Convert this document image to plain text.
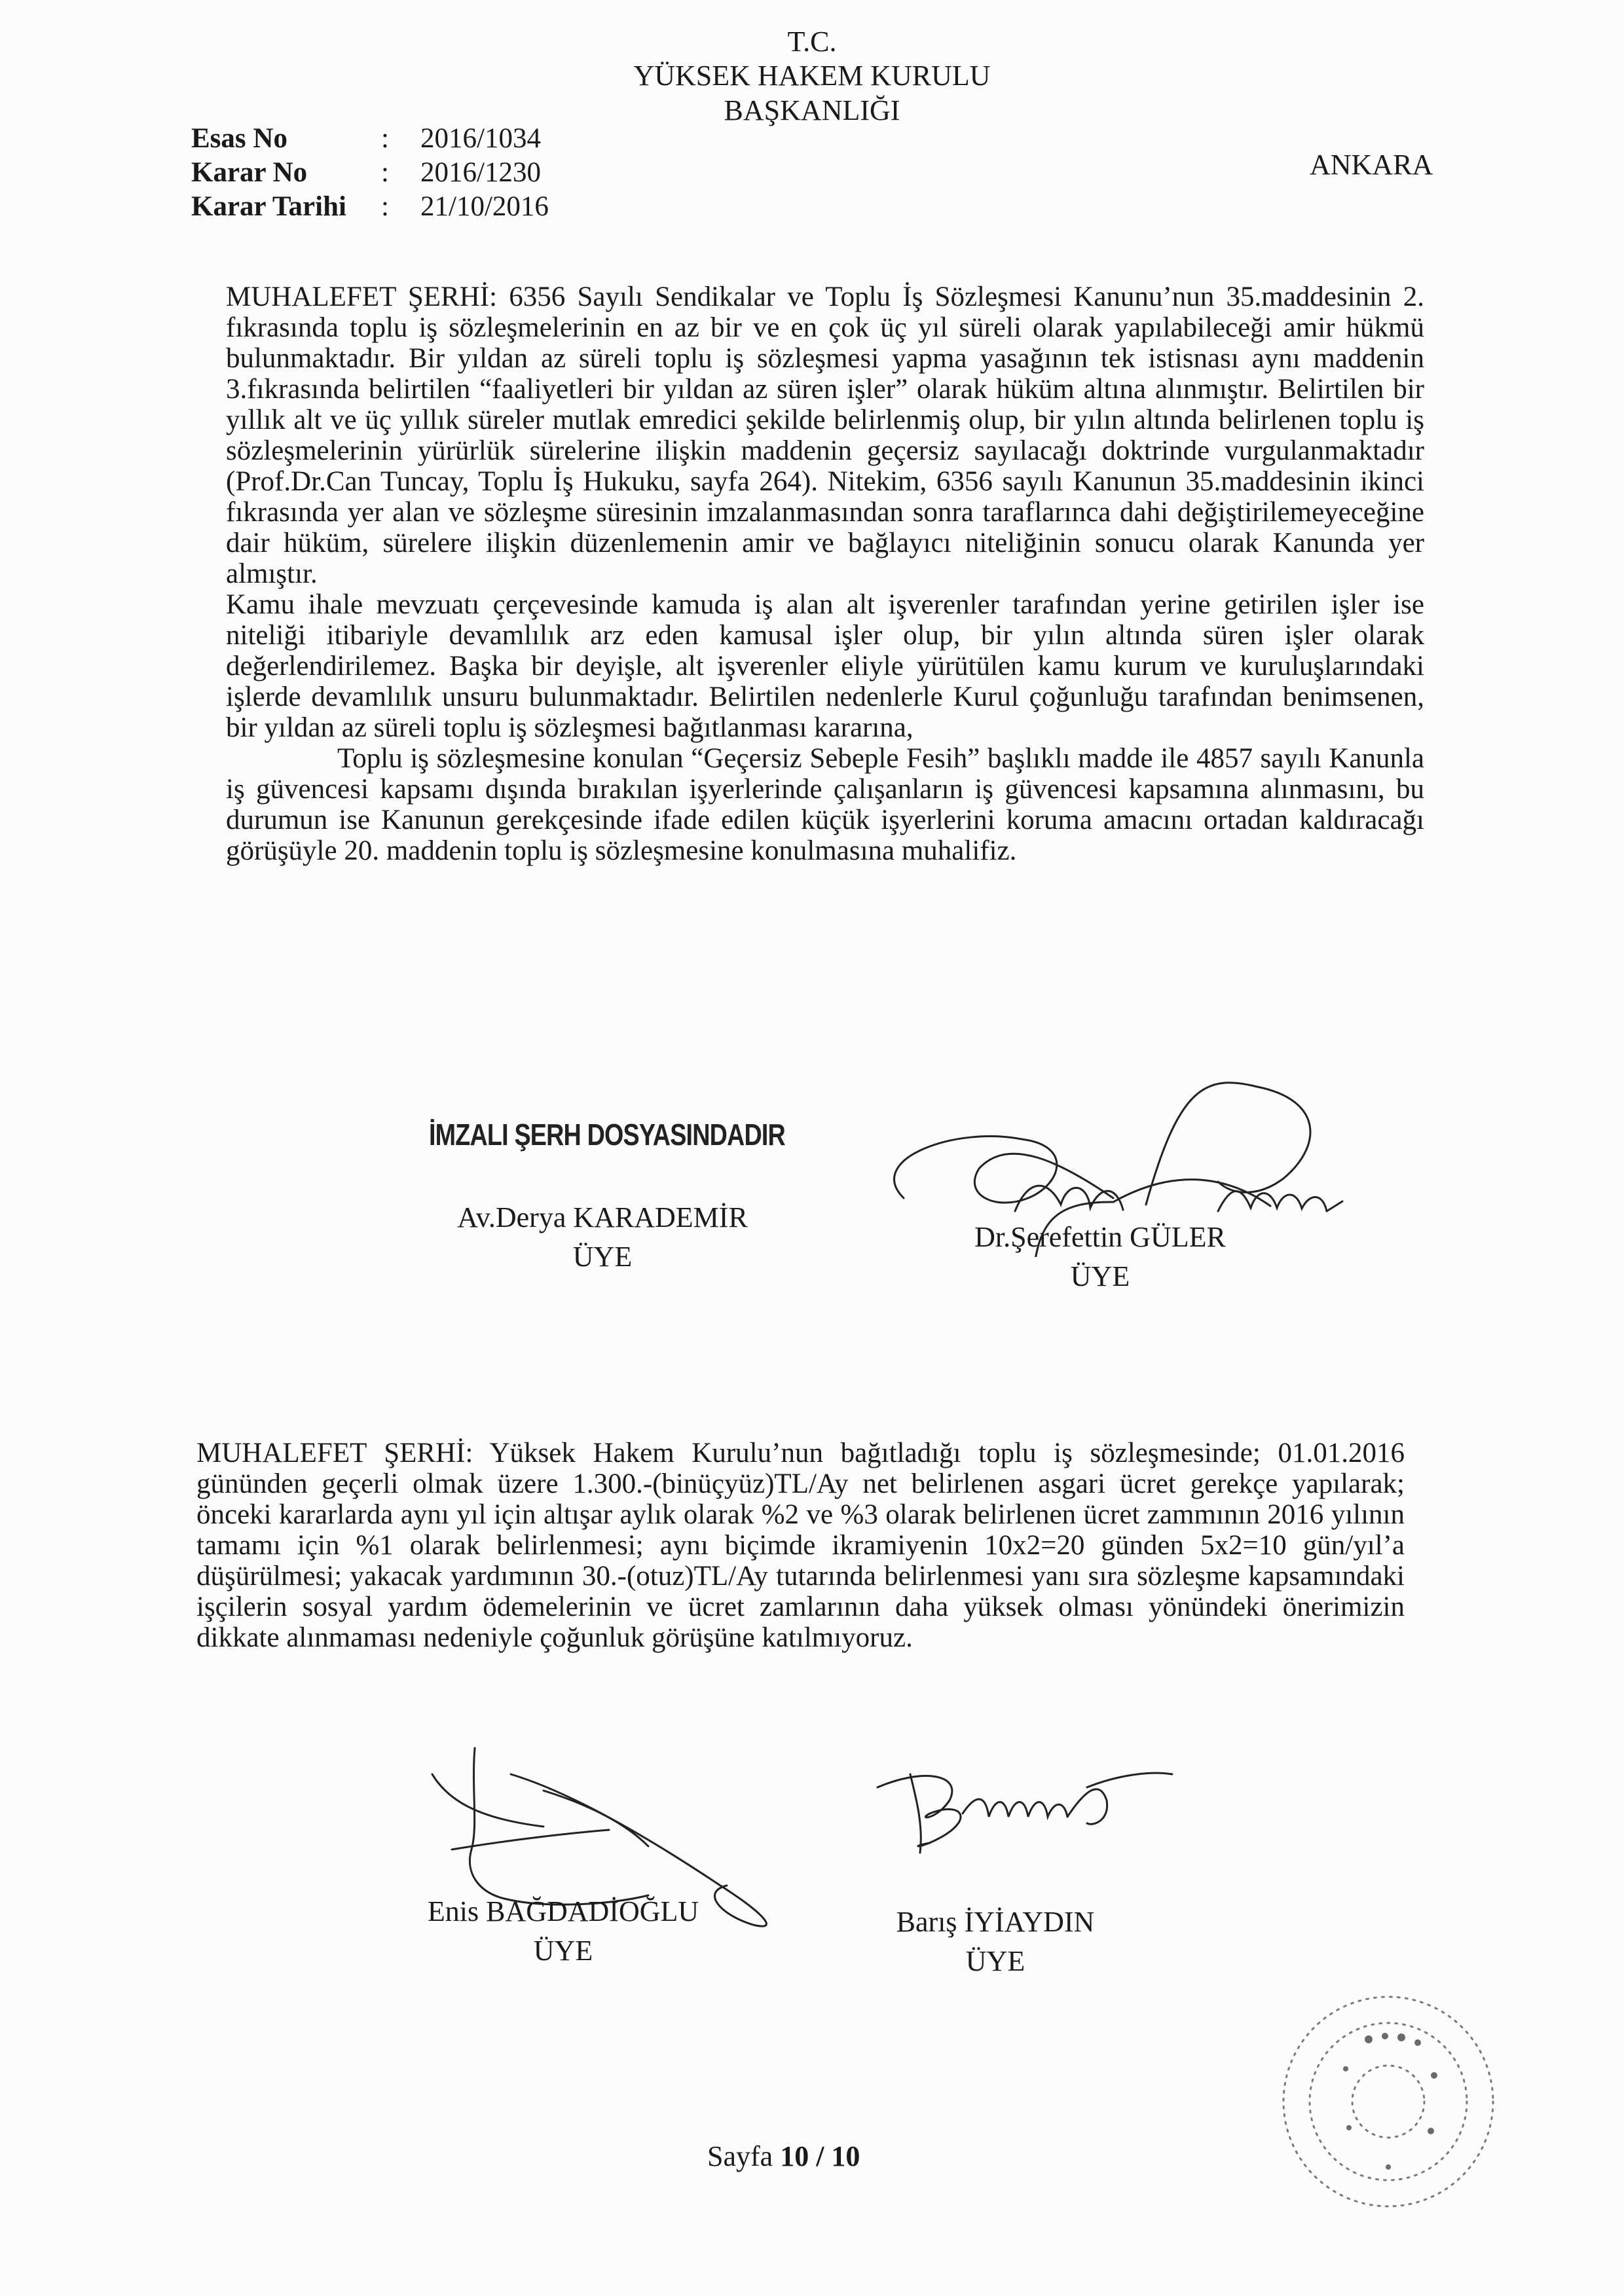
T.C.
YÜKSEK HAKEM KURULU
BAŞKANLIĞI
ANKARA
Esas No	:	2016/1034
Karar No	:	2016/1230
Karar Tarihi	:	21/10/2016

MUHALEFET ŞERHİ: 6356 Sayılı Sendikalar ve Toplu İş Sözleşmesi Kanunu’nun 35.maddesinin 2. fıkrasında toplu iş sözleşmelerinin en az bir ve en çok üç yıl süreli olarak yapılabileceği amir hükmü bulunmaktadır. Bir yıldan az süreli toplu iş sözleşmesi yapma yasağının tek istisnası aynı maddenin 3.fıkrasında belirtilen “faaliyetleri bir yıldan az süren işler” olarak hüküm altına alınmıştır. Belirtilen bir yıllık alt ve üç yıllık süreler mutlak emredici şekilde belirlenmiş olup, bir yılın altında belirlenen toplu iş sözleşmelerinin yürürlük sürelerine ilişkin maddenin geçersiz sayılacağı doktrinde vurgulanmaktadır (Prof.Dr.Can Tuncay, Toplu İş Hukuku, sayfa 264). Nitekim, 6356 sayılı Kanunun 35.maddesinin ikinci fıkrasında yer alan ve sözleşme süresinin imzalanmasından sonra taraflarınca dahi değiştirilemeyeceğine dair hüküm, sürelere ilişkin düzenlemenin amir ve bağlayıcı niteliğinin sonucu olarak Kanunda yer almıştır.

Kamu ihale mevzuatı çerçevesinde kamuda iş alan alt işverenler tarafından yerine getirilen işler ise niteliği itibariyle devamlılık arz eden kamusal işler olup, bir yılın altında süren işler olarak değerlendirilemez. Başka bir deyişle, alt işverenler eliyle yürütülen kamu kurum ve kuruluşlarındaki işlerde devamlılık unsuru bulunmaktadır. Belirtilen nedenlerle Kurul çoğunluğu tarafından benimsenen, bir yıldan az süreli toplu iş sözleşmesi bağıtlanması kararına,

Toplu iş sözleşmesine konulan “Geçersiz Sebeple Fesih” başlıklı madde ile 4857 sayılı Kanunla iş güvencesi kapsamı dışında bırakılan işyerlerinde çalışanların iş güvencesi kapsamına alınmasını, bu durumun ise Kanunun gerekçesinde ifade edilen küçük işyerlerini koruma amacını ortadan kaldıracağı görüşüyle 20. maddenin toplu iş sözleşmesine konulmasına muhalifiz.

İMZALI ŞERH DOSYASINDADIR
Av.Derya KARADEMİR
ÜYE
Dr.Şerefettin GÜLER
ÜYE

MUHALEFET ŞERHİ: Yüksek Hakem Kurulu’nun bağıtladığı toplu iş sözleşmesinde; 01.01.2016 gününden geçerli olmak üzere 1.300.-(binüçyüz)TL/Ay net belirlenen asgari ücret gerekçe yapılarak; önceki kararlarda aynı yıl için altışar aylık olarak %2 ve %3 olarak belirlenen ücret zammının 2016 yılının tamamı için %1 olarak belirlenmesi; aynı biçimde ikramiyenin 10x2=20 günden 5x2=10 gün/yıl’a düşürülmesi; yakacak yardımının 30.-(otuz)TL/Ay tutarında belirlenmesi yanı sıra sözleşme kapsamındaki işçilerin sosyal yardım ödemelerinin ve ücret zamlarının daha yüksek olması yönündeki önerimizin dikkate alınmaması nedeniyle çoğunluk görüşüne katılmıyoruz.

Enis BAĞDADİOĞLU
ÜYE
Barış İYİAYDIN
ÜYE
Sayfa 10 / 10
